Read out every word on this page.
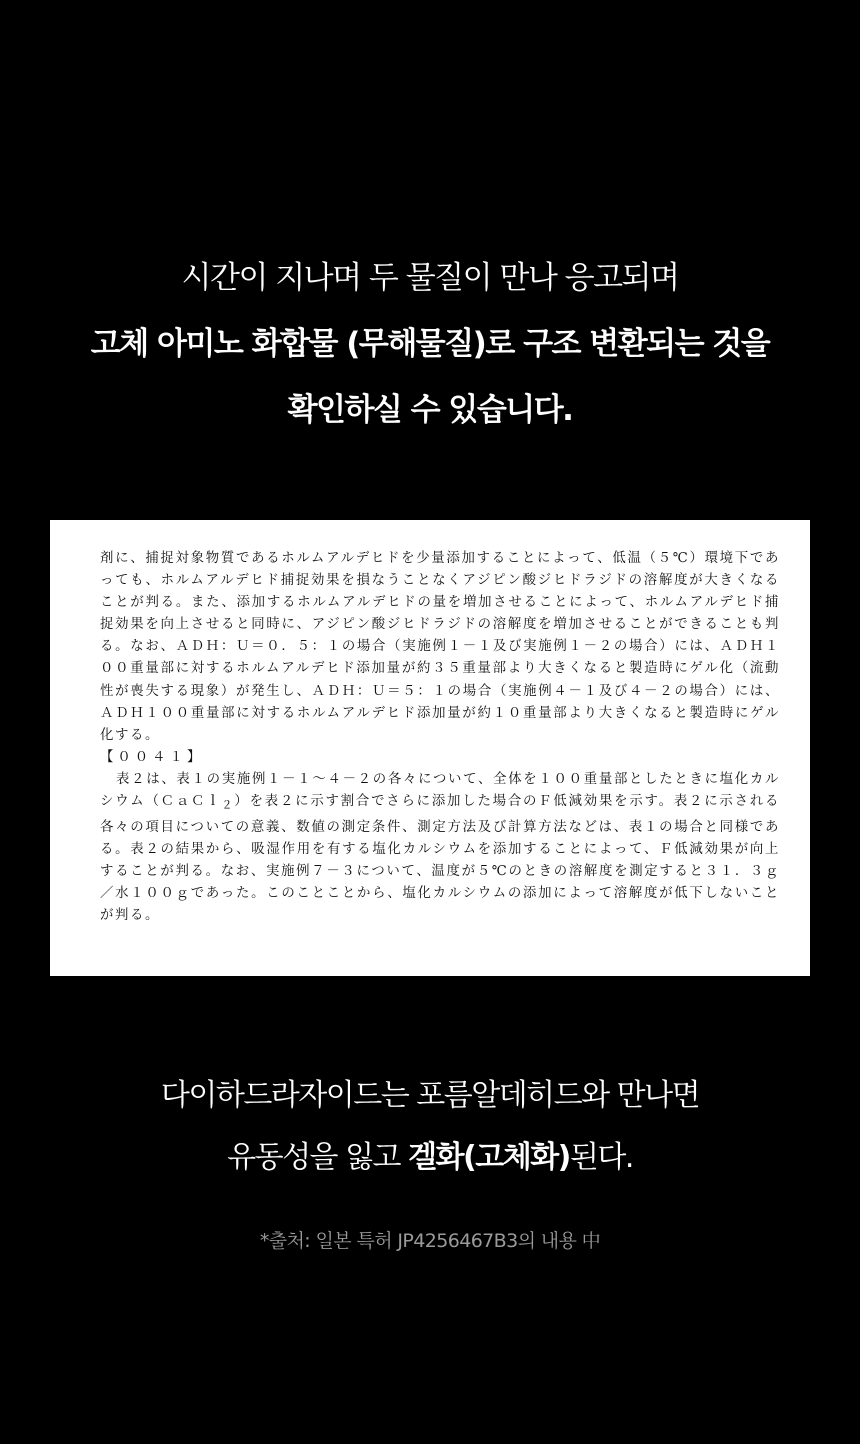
시간이 지나며 두 물질이 만나 응고되며
고체 아미노 화합물 (무해물질)로 구조 변환되는 것을
확인하실 수 있습니다.

剤に、捕捉対象物質であるホルムアルデヒドを少量添加することによって、低温（５℃）環境下であっても、ホルムアルデヒド捕捉効果を損なうことなくアジピン酸ジヒドラジドの溶解度が大きくなることが判る。また、添加するホルムアルデヒドの量を増加させることによって、ホルムアルデヒド捕捉効果を向上させると同時に、アジピン酸ジヒドラジドの溶解度を増加させることができることも判る。なお、ＡＤＨ：Ｕ＝０．５：１の場合（実施例１－１及び実施例１－２の場合）には、ＡＤＨ１００重量部に対するホルムアルデヒド添加量が約３５重量部より大きくなると製造時にゲル化（流動性が喪失する現象）が発生し、ＡＤＨ：Ｕ＝５：１の場合（実施例４－１及び４－２の場合）には、ＡＤＨ１００重量部に対するホルムアルデヒド添加量が約１０重量部より大きくなると製造時にゲル化する。

【００４１】

表２は、表１の実施例１－１～４－２の各々について、全体を１００重量部としたときに塩化カルシウム（ＣａＣｌ$_2$）を表２に示す割合でさらに添加した場合のＦ低減効果を示す。表２に示される各々の項目についての意義、数値の測定条件、測定方法及び計算方法などは、表１の場合と同様である。表２の結果から、吸湿作用を有する塩化カルシウムを添加することによって、Ｆ低減効果が向上することが判る。なお、実施例７－３について、温度が５℃のときの溶解度を測定すると３１．３ｇ／水１００ｇであった。このことことから、塩化カルシウムの添加によって溶解度が低下しないことが判る。

다이하드라자이드는 포름알데히드와 만나면
유동성을 잃고 겔화(고체화)된다.
*출처: 일본 특허 JP4256467B3의 내용 中
